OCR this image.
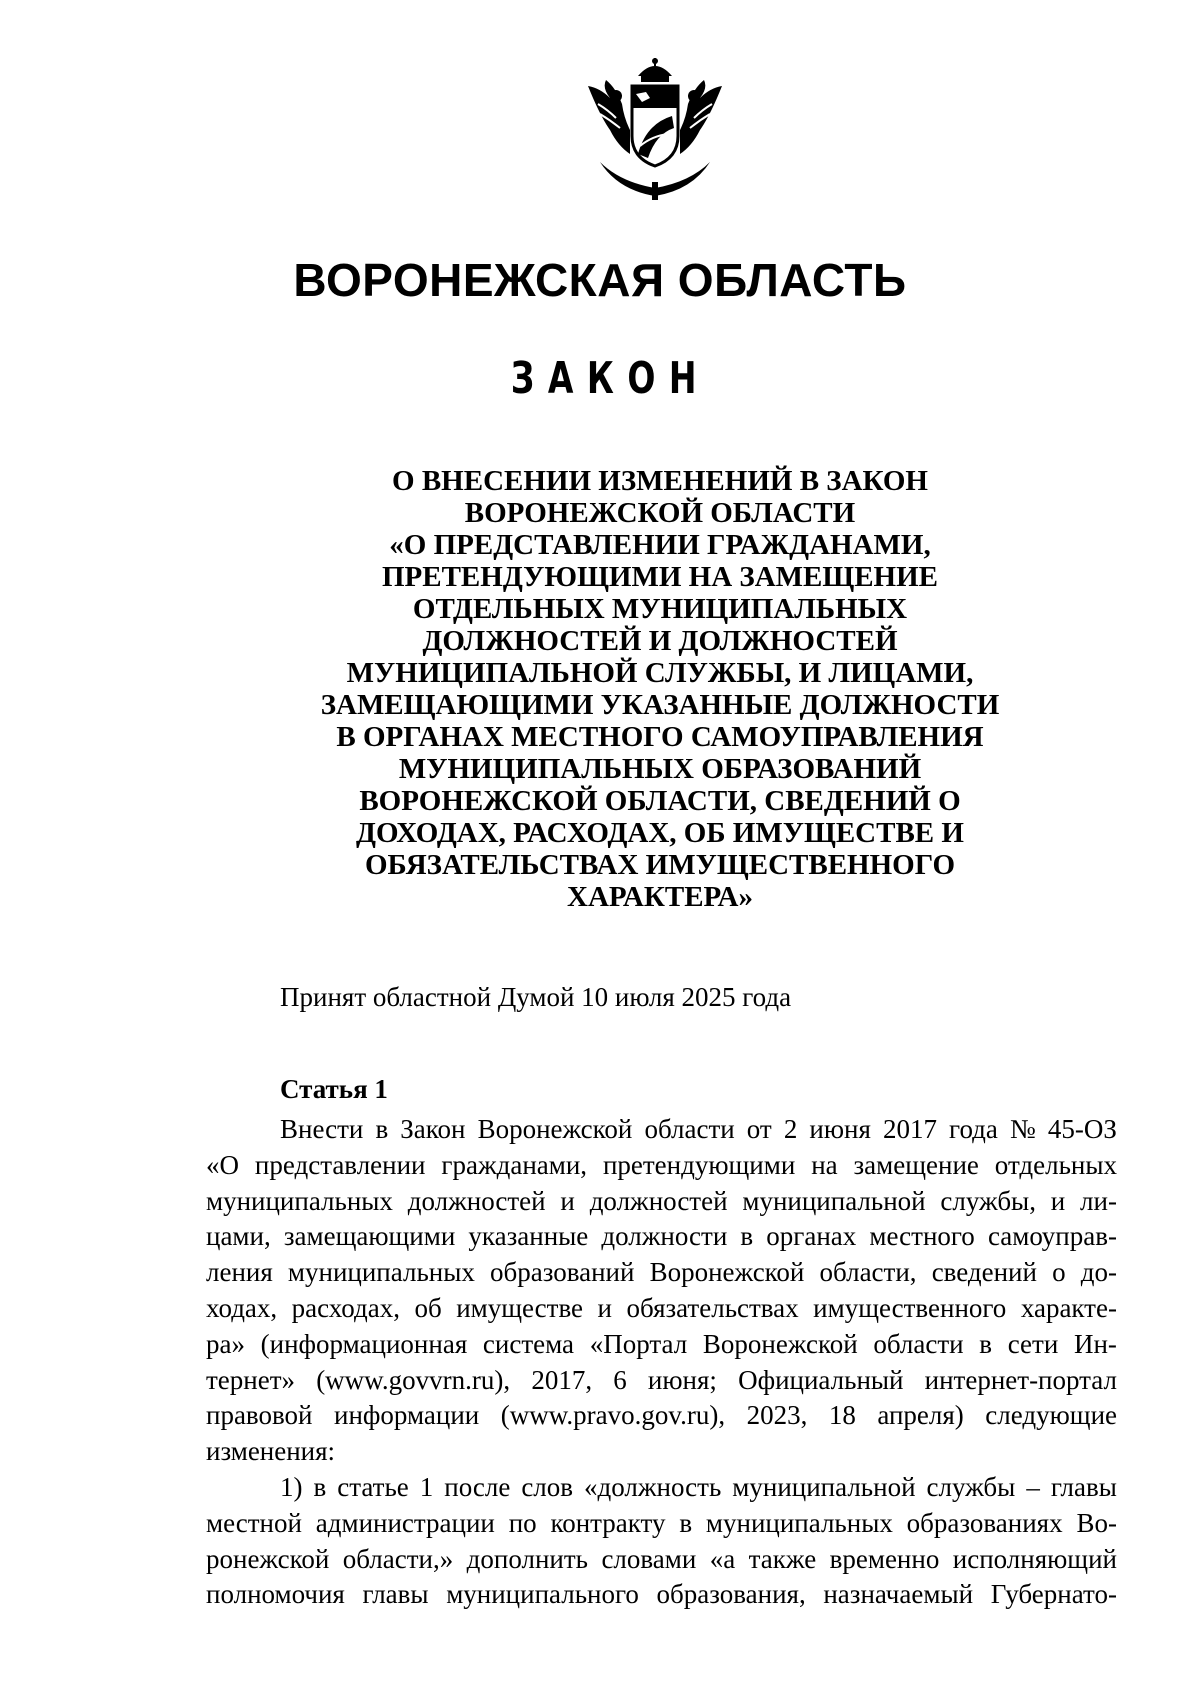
ВОРОНЕЖСКАЯ ОБЛАСТЬ
ЗАКОН
О ВНЕСЕНИИ ИЗМЕНЕНИЙ В ЗАКОН
ВОРОНЕЖСКОЙ ОБЛАСТИ
«О ПРЕДСТАВЛЕНИИ ГРАЖДАНАМИ,
ПРЕТЕНДУЮЩИМИ НА ЗАМЕЩЕНИЕ
ОТДЕЛЬНЫХ МУНИЦИПАЛЬНЫХ
ДОЛЖНОСТЕЙ И ДОЛЖНОСТЕЙ
МУНИЦИПАЛЬНОЙ СЛУЖБЫ, И ЛИЦАМИ,
ЗАМЕЩАЮЩИМИ УКАЗАННЫЕ ДОЛЖНОСТИ
В ОРГАНАХ МЕСТНОГО САМОУПРАВЛЕНИЯ
МУНИЦИПАЛЬНЫХ ОБРАЗОВАНИЙ
ВОРОНЕЖСКОЙ ОБЛАСТИ, СВЕДЕНИЙ О
ДОХОДАХ, РАСХОДАХ, ОБ ИМУЩЕСТВЕ И
ОБЯЗАТЕЛЬСТВАХ ИМУЩЕСТВЕННОГО
ХАРАКТЕРА»
Принят областной Думой 10 июля 2025 года
Статья 1
Внести в Закон Воронежской области от 2 июня 2017 года № 45-ОЗ
«О представлении гражданами, претендующими на замещение отдельных
муниципальных должностей и должностей муниципальной службы, и ли-
цами, замещающими указанные должности в органах местного самоуправ-
ления муниципальных образований Воронежской области, сведений о до-
ходах, расходах, об имуществе и обязательствах имущественного характе-
ра» (информационная система «Портал Воронежской области в сети Ин-
тернет» (www.govvrn.ru), 2017, 6 июня; Официальный интернет-портал
правовой информации (www.pravo.gov.ru), 2023, 18 апреля) следующие
изменения:
1) в статье 1 после слов «должность муниципальной службы – главы
местной администрации по контракту в муниципальных образованиях Во-
ронежской области,» дополнить словами «а также временно исполняющий
полномочия главы муниципального образования, назначаемый Губернато-
